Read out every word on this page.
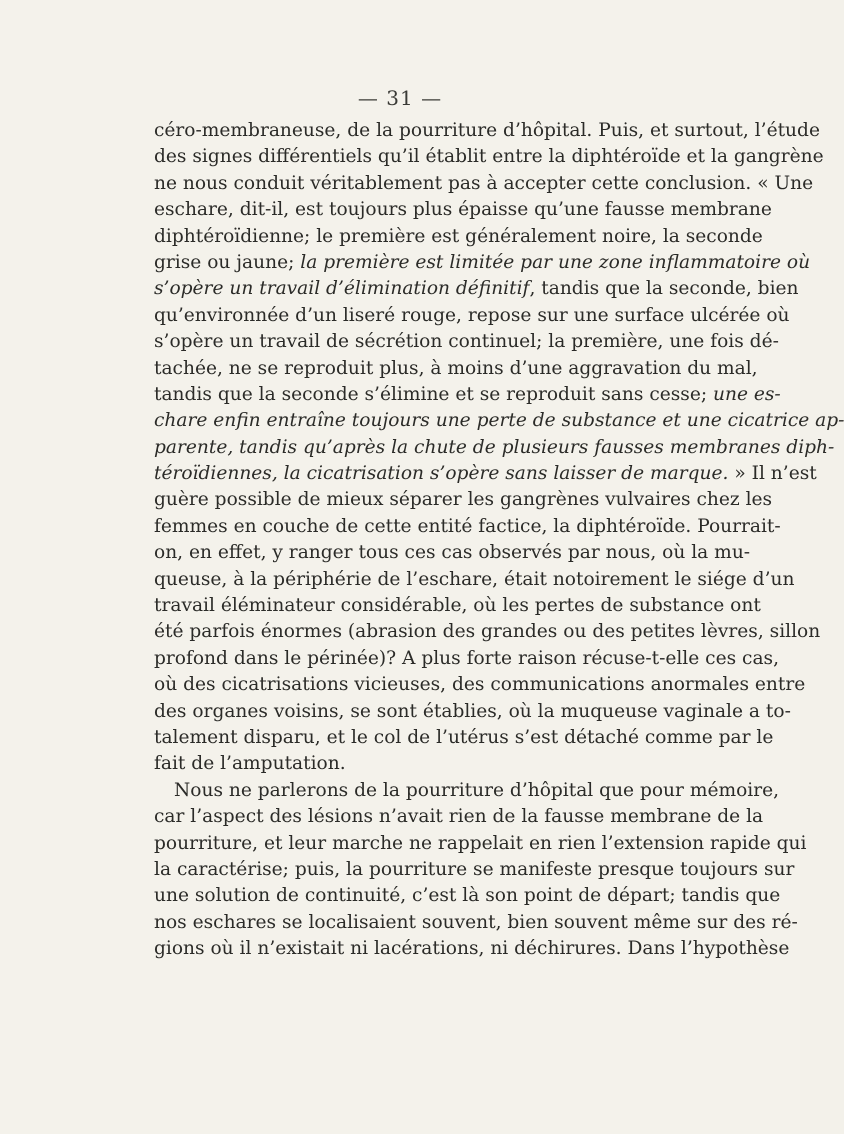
— 31 —
céro-membraneuse, de la pourriture d’hôpital. Puis, et surtout, l’étude
des signes différentiels qu’il établit entre la diphtéroïde et la gangrène
ne nous conduit véritablement pas à accepter cette conclusion. « Une
eschare, dit-il, est toujours plus épaisse qu’une fausse membrane
diphtéroïdienne; le première est généralement noire, la seconde
grise ou jaune; la première est limitée par une zone inflammatoire où
s’opère un travail d’élimination définitif, tandis que la seconde, bien
qu’environnée d’un liseré rouge, repose sur une surface ulcérée où
s’opère un travail de sécrétion continuel; la première, une fois dé-
tachée, ne se reproduit plus, à moins d’une aggravation du mal,
tandis que la seconde s’élimine et se reproduit sans cesse; une es-
chare enfin entraîne toujours une perte de substance et une cicatrice ap-
parente, tandis qu’après la chute de plusieurs fausses membranes diph-
téroïdiennes, la cicatrisation s’opère sans laisser de marque. » Il n’est
guère possible de mieux séparer les gangrènes vulvaires chez les
femmes en couche de cette entité factice, la diphtéroïde. Pourrait-
on, en effet, y ranger tous ces cas observés par nous, où la mu-
queuse, à la périphérie de l’eschare, était notoirement le siége d’un
travail éléminateur considérable, où les pertes de substance ont
été parfois énormes (abrasion des grandes ou des petites lèvres, sillon
profond dans le périnée)? A plus forte raison récuse-t-elle ces cas,
où des cicatrisations vicieuses, des communications anormales entre
des organes voisins, se sont établies, où la muqueuse vaginale a to-
talement disparu, et le col de l’utérus s’est détaché comme par le
fait de l’amputation.
Nous ne parlerons de la pourriture d’hôpital que pour mémoire,
car l’aspect des lésions n’avait rien de la fausse membrane de la
pourriture, et leur marche ne rappelait en rien l’extension rapide qui
la caractérise; puis, la pourriture se manifeste presque toujours sur
une solution de continuité, c’est là son point de départ; tandis que
nos eschares se localisaient souvent, bien souvent même sur des ré-
gions où il n’existait ni lacérations, ni déchirures. Dans l’hypothèse
